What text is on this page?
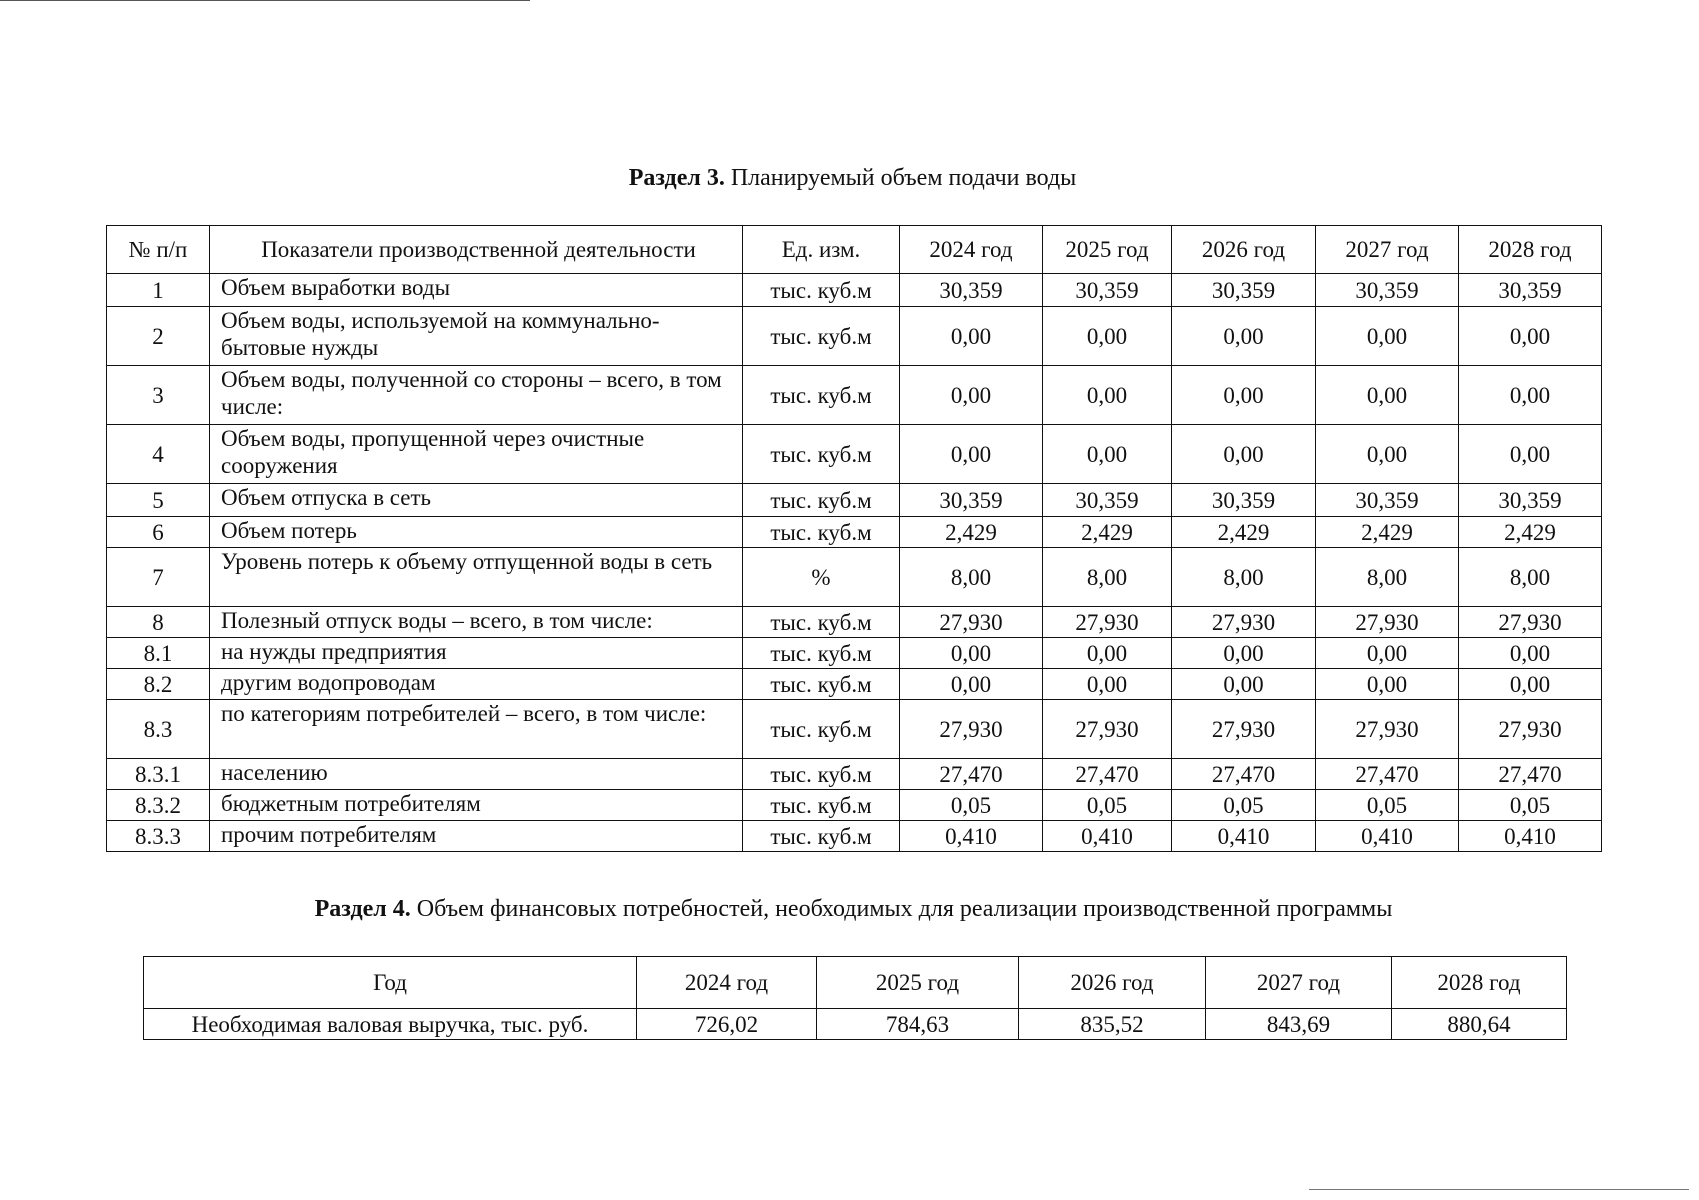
Раздел 3. Планируемый объем подачи воды
№ п/п	Показатели производственной деятельности	Ед. изм.	2024 год	2025 год	2026 год	2027 год	2028 год
1	Объем выработки воды	тыс. куб.м	30,359	30,359	30,359	30,359	30,359
2	Объем воды, используемой на коммунально-бытовые нужды	тыс. куб.м	0,00	0,00	0,00	0,00	0,00
3	Объем воды, полученной со стороны – всего, в том числе:	тыс. куб.м	0,00	0,00	0,00	0,00	0,00
4	Объем воды, пропущенной через очистные сооружения	тыс. куб.м	0,00	0,00	0,00	0,00	0,00
5	Объем отпуска в сеть	тыс. куб.м	30,359	30,359	30,359	30,359	30,359
6	Объем потерь	тыс. куб.м	2,429	2,429	2,429	2,429	2,429
7	Уровень потерь к объему отпущенной воды в сеть	%	8,00	8,00	8,00	8,00	8,00
8	Полезный отпуск воды – всего, в том числе:	тыс. куб.м	27,930	27,930	27,930	27,930	27,930
8.1	на нужды предприятия	тыс. куб.м	0,00	0,00	0,00	0,00	0,00
8.2	другим водопроводам	тыс. куб.м	0,00	0,00	0,00	0,00	0,00
8.3	по категориям потребителей – всего, в том числе:	тыс. куб.м	27,930	27,930	27,930	27,930	27,930
8.3.1	населению	тыс. куб.м	27,470	27,470	27,470	27,470	27,470
8.3.2	бюджетным потребителям	тыс. куб.м	0,05	0,05	0,05	0,05	0,05
8.3.3	прочим потребителям	тыс. куб.м	0,410	0,410	0,410	0,410	0,410
Раздел 4. Объем финансовых потребностей, необходимых для реализации производственной программы
Год	2024 год	2025 год	2026 год	2027 год	2028 год
Необходимая валовая выручка, тыс. руб.	726,02	784,63	835,52	843,69	880,64
